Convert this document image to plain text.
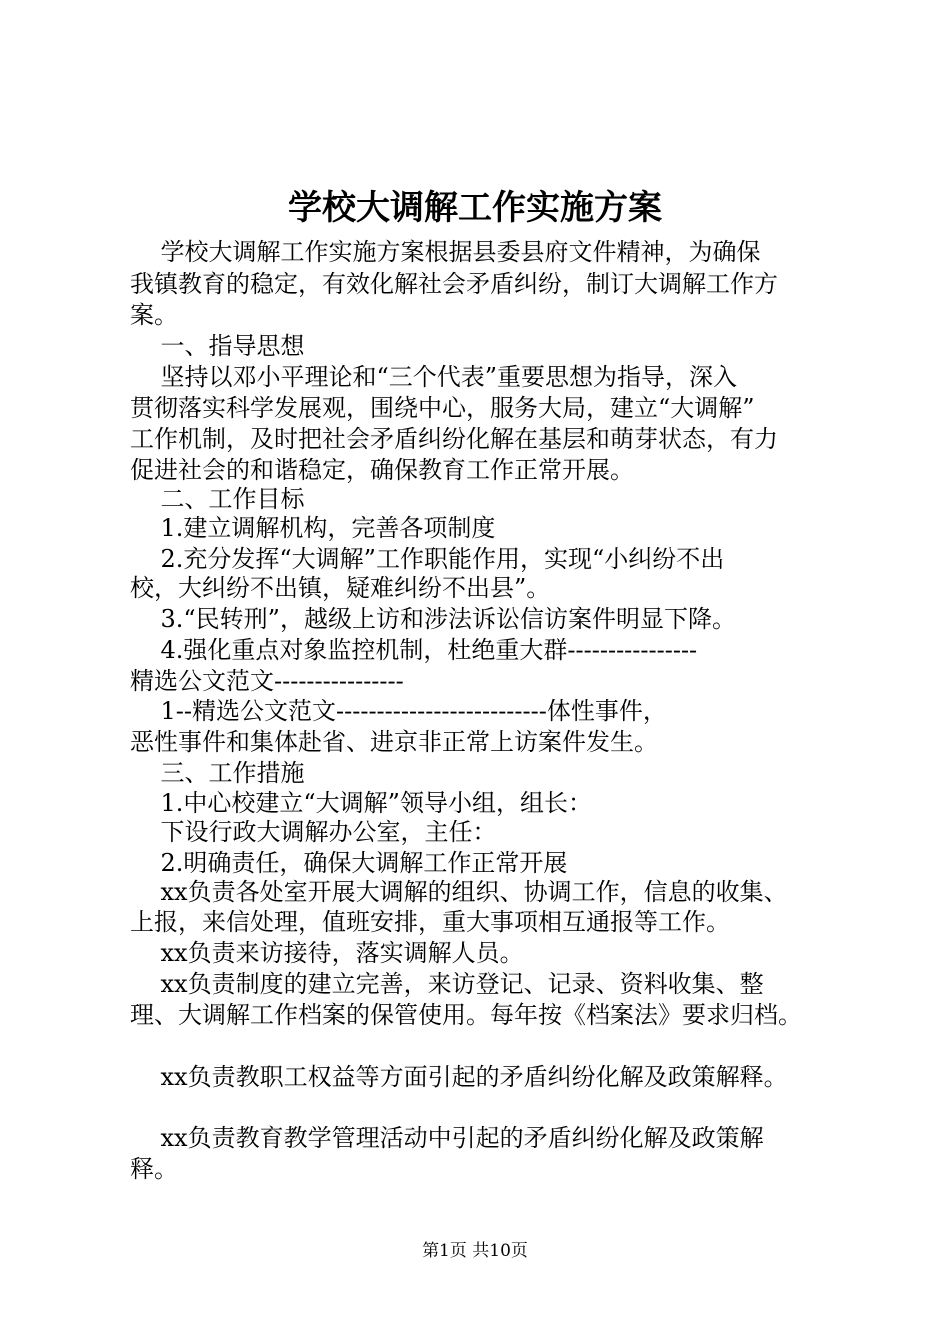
学校大调解工作实施方案
学校大调解工作实施方案根据县委县府文件精神，为确保
我镇教育的稳定，有效化解社会矛盾纠纷，制订大调解工作方
案。
一、指导思想
坚持以邓小平理论和“三个代表”重要思想为指导，深入
贯彻落实科学发展观，围绕中心，服务大局，建立“大调解”
工作机制，及时把社会矛盾纠纷化解在基层和萌芽状态，有力
促进社会的和谐稳定，确保教育工作正常开展。
二、工作目标
1.建立调解机构，完善各项制度
2.充分发挥“大调解”工作职能作用，实现“小纠纷不出
校，大纠纷不出镇，疑难纠纷不出县”。
3.“民转刑”，越级上访和涉法诉讼信访案件明显下降。
4.强化重点对象监控机制，杜绝重大群----------------
精选公文范文----------------
1--精选公文范文--------------------------体性事件，
恶性事件和集体赴省、进京非正常上访案件发生。
三、工作措施
1.中心校建立“大调解”领导小组，组长：
下设行政大调解办公室，主任：
2.明确责任，确保大调解工作正常开展
xx负责各处室开展大调解的组织、协调工作，信息的收集、
上报，来信处理，值班安排，重大事项相互通报等工作。
xx负责来访接待，落实调解人员。
xx负责制度的建立完善，来访登记、记录、资料收集、整
理、大调解工作档案的保管使用。每年按《档案法》要求归档。
xx负责教职工权益等方面引起的矛盾纠纷化解及政策解释。
xx负责教育教学管理活动中引起的矛盾纠纷化解及政策解
释。
第1页 共10页
